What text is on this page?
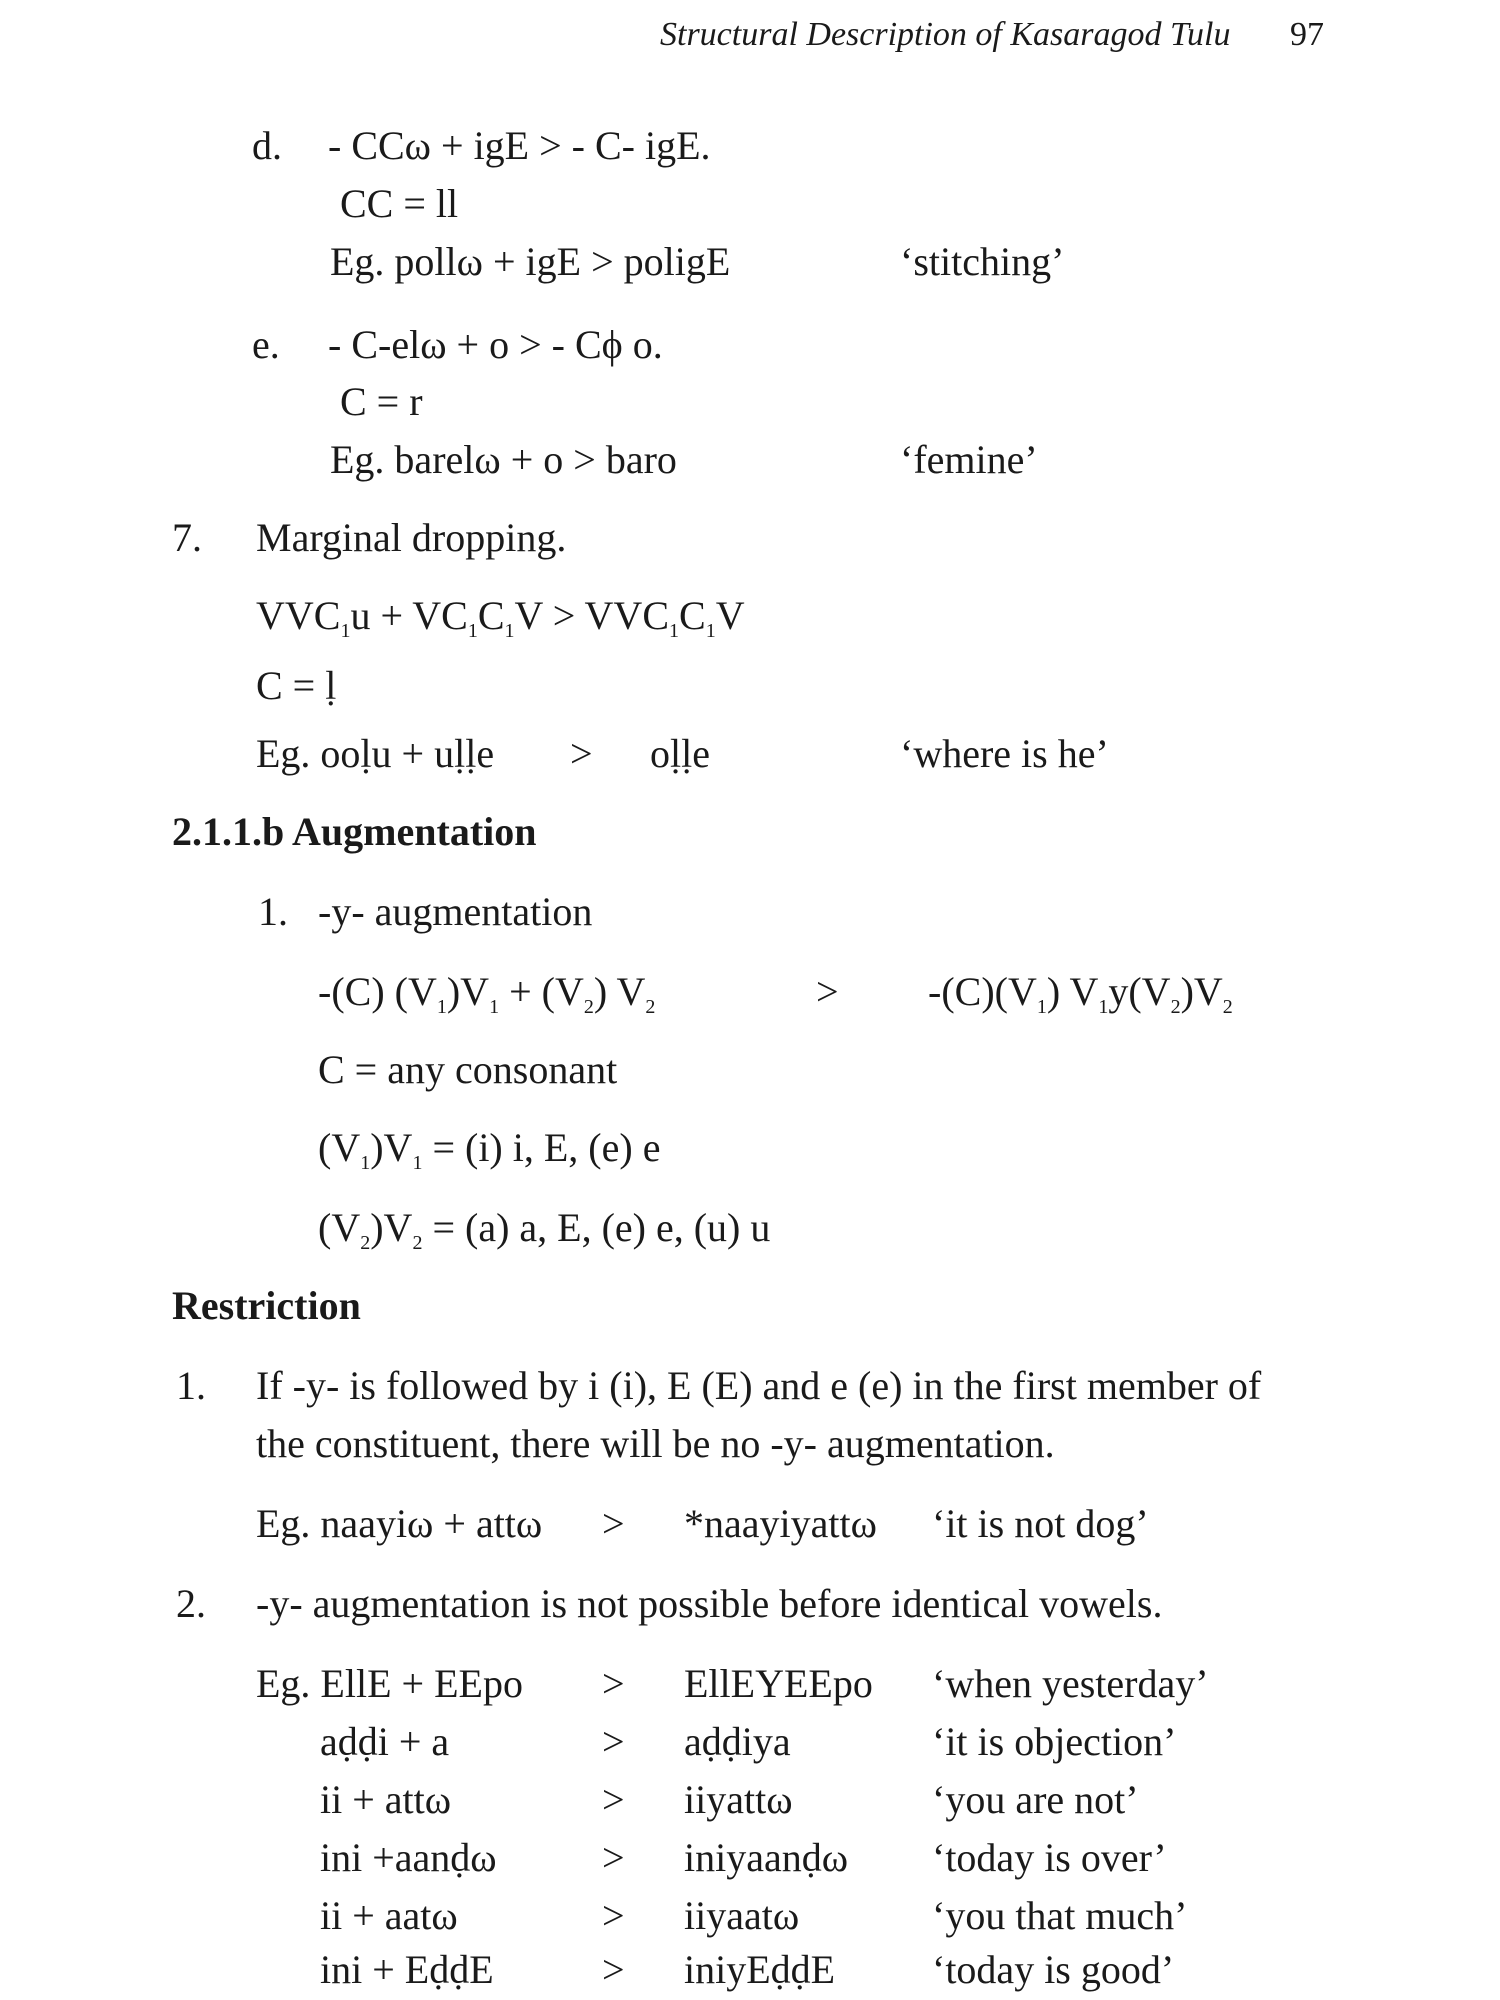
Structural Description of Kasaragod Tulu 97
d. - CCω + igE > - C- igE.
CC = ll
Eg. pollω + igE > poligE	‘stitching’
e. - C-elω + o > - Cϕ o.
C = r
Eg. barelω + o > baro	‘femine’
7. Marginal dropping.
$VVC_1u + VC_1C_1V > VVC_1C_1V$
C = ḷ
Eg. ooḷu + uḷḷe > oḷḷe	‘where is he’
2.1.1.b Augmentation
1. -y- augmentation
-(C) $(V_1)V_1 + (V_2)$ $V_2$	> $-(C)(V_1)$ $V_1y(V_2)V_2$
C = any consonant
$(V_1)V_1 = (i)$ i, E, (e) e
$(V_2)V_2 = (a)$ a, E, (e) e, (u) u
Restriction
1. If -y- is followed by i (i), E (E) and e (e) in the first member of
the constituent, there will be no -y- augmentation.
Eg. naayiω + attω > *naayiyattω ‘it is not dog’
2. -y- augmentation is not possible before identical vowels.
Eg. EllE + EEpo > EllEYEEpo ‘when yesterday’
aḍḍi + a	> aḍḍiya	‘it is objection’
ii + attω	> iiyattω	‘you are not’
ini +aanḍω	> iniyaanḍω ‘today is over’
ii + aatω	> iiyaatω	‘you that much’
ini + EḍḍE	> iniyEḍḍE ‘today is good’
